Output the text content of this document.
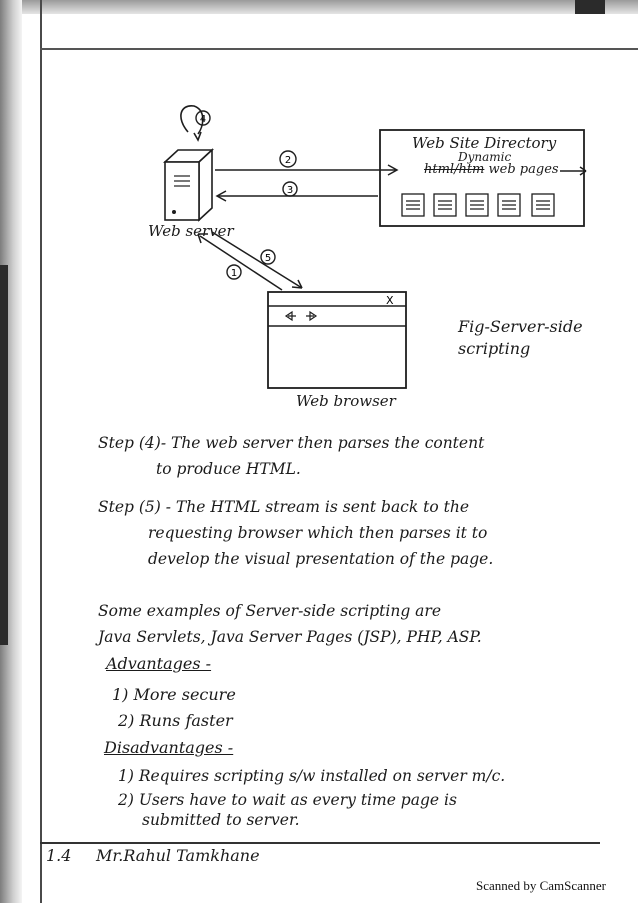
4
2
3
5
1
X
Web Site Directory
Dynamic
html/htm web pages
Web server
Web browser
Fig-Server-side scripting
Step (4)- The web server then parses the content
to produce HTML.
Step (5) - The HTML stream is sent back to the
requesting browser which then parses it to
develop the visual presentation of the page.
Some examples of Server-side scripting are
Java Servlets, Java Server Pages (JSP), PHP, ASP.
Advantages -
1) More secure
2) Runs faster
Disadvantages -
1) Requires scripting s/w installed on server m/c.
2) Users have to wait as every time page is
submitted to server.
1.4 Mr.Rahul Tamkhane
Scanned by CamScanner
